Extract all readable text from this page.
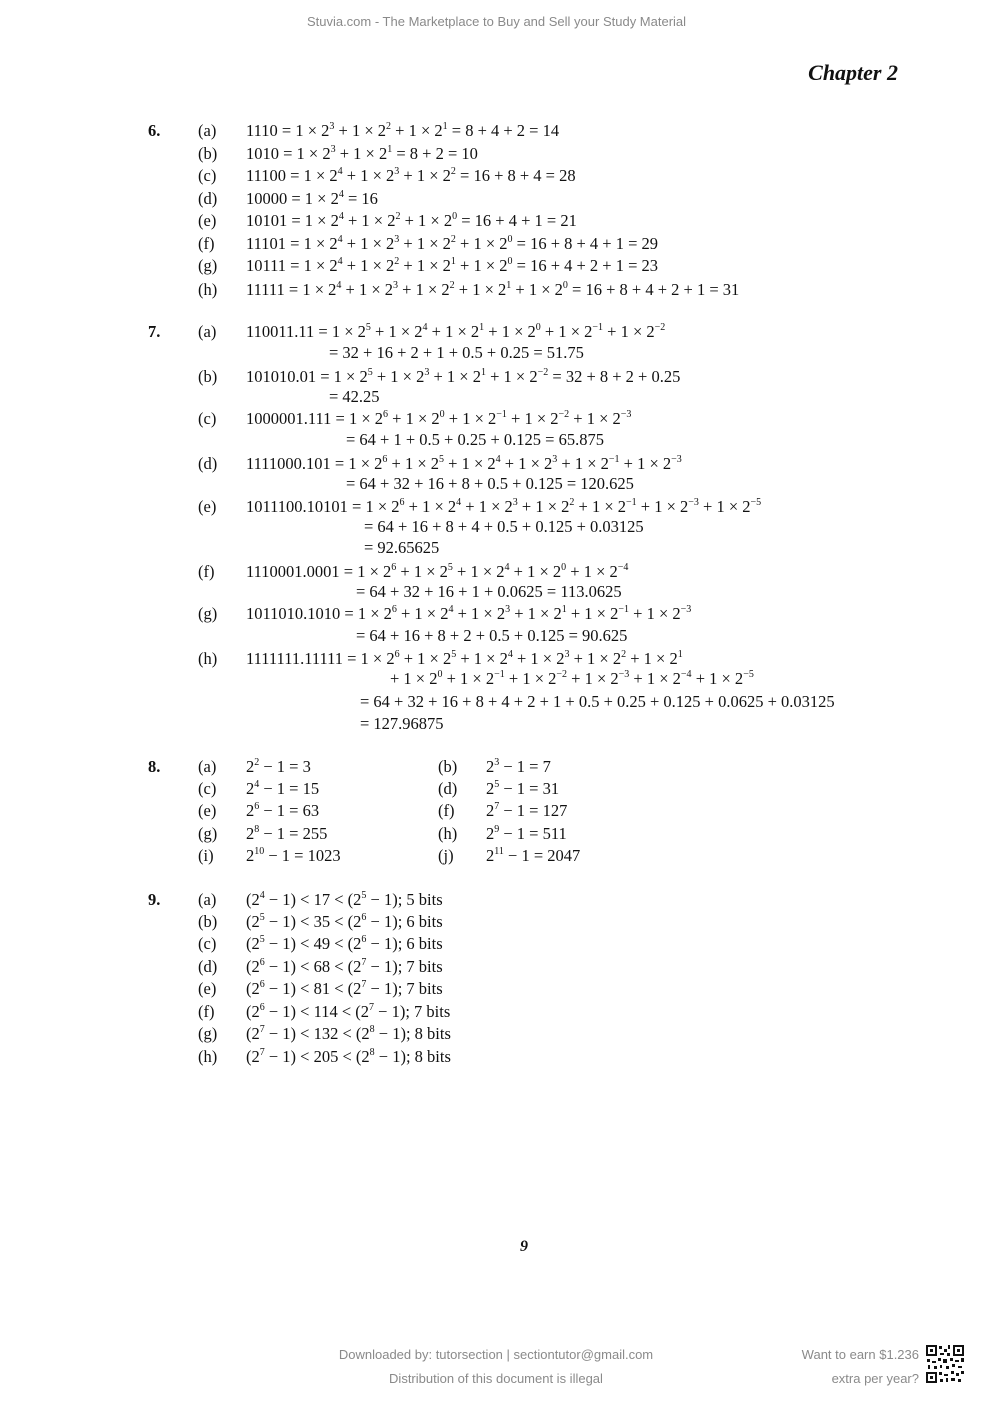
Stuvia.com - The Marketplace to Buy and Sell your Study Material
Chapter 2
6. (a) $1110 = 1 \times 2^3 + 1 \times 2^2 + 1 \times 2^1 = 8 + 4 + 2 = 14$
(b) $1010 = 1 \times 2^3 + 1 \times 2^1 = 8 + 2 = 10$
(c) $11100 = 1 \times 2^4 + 1 \times 2^3 + 1 \times 2^2 = 16 + 8 + 4 = 28$
(d) $10000 = 1 \times 2^4 = 16$
(e) $10101 = 1 \times 2^4 + 1 \times 2^2 + 1 \times 2^0 = 16 + 4 + 1 = 21$
(f) $11101 = 1 \times 2^4 + 1 \times 2^3 + 1 \times 2^2 + 1 \times 2^0 = 16 + 8 + 4 + 1 = 29$
(g) $10111 = 1 \times 2^4 + 1 \times 2^2 + 1 \times 2^1 + 1 \times 2^0 = 16 + 4 + 2 + 1 = 23$
(h) $11111 = 1 \times 2^4 + 1 \times 2^3 + 1 \times 2^2 + 1 \times 2^1 + 1 \times 2^0 = 16 + 8 + 4 + 2 + 1 = 31$
7. (a) $110011.11 = 1 \times 2^5 + 1 \times 2^4 + 1 \times 2^1 + 1 \times 2^0 + 1 \times 2^{-1} + 1 \times 2^{-2}$
= 32 + 16 + 2 + 1 + 0.5 + 0.25 = 51.75
(b) $101010.01 = 1 \times 2^5 + 1 \times 2^3 + 1 \times 2^1 + 1 \times 2^{-2} = 32 + 8 + 2 + 0.25$
= 42.25
(c) $1000001.111 = 1 \times 2^6 + 1 \times 2^0 + 1 \times 2^{-1} + 1 \times 2^{-2} + 1 \times 2^{-3}$
= 64 + 1 + 0.5 + 0.25 + 0.125 = 65.875
(d) $1111000.101 = 1 \times 2^6 + 1 \times 2^5 + 1 \times 2^4 + 1 \times 2^3 + 1 \times 2^{-1} + 1 \times 2^{-3}$
= 64 + 32 + 16 + 8 + 0.5 + 0.125 = 120.625
(e) $1011100.10101 = 1 \times 2^6 + 1 \times 2^4 + 1 \times 2^3 + 1 \times 2^2 + 1 \times 2^{-1} + 1 \times 2^{-3} + 1 \times 2^{-5}$
= 64 + 16 + 8 + 4 + 0.5 + 0.125 + 0.03125
= 92.65625
(f) $1110001.0001 = 1 \times 2^6 + 1 \times 2^5 + 1 \times 2^4 + 1 \times 2^0 + 1 \times 2^{-4}$
= 64 + 32 + 16 + 1 + 0.0625 = 113.0625
(g) $1011010.1010 = 1 \times 2^6 + 1 \times 2^4 + 1 \times 2^3 + 1 \times 2^1 + 1 \times 2^{-1} + 1 \times 2^{-3}$
= 64 + 16 + 8 + 2 + 0.5 + 0.125 = 90.625
(h) $1111111.11111 = 1 \times 2^6 + 1 \times 2^5 + 1 \times 2^4 + 1 \times 2^3 + 1 \times 2^2 + 1 \times 2^1$
+ $1 \times 2^0 + 1 \times 2^{-1} + 1 \times 2^{-2} + 1 \times 2^{-3} + 1 \times 2^{-4} + 1 \times 2^{-5}$
= 64 + 32 + 16 + 8 + 4 + 2 + 1 + 0.5 + 0.25 + 0.125 + 0.0625 + 0.03125
= 127.96875
8. (a) $2^2 - 1 = 3$	(b) $2^3 - 1 = 7$
(c) $2^4 - 1 = 15$	(d) $2^5 - 1 = 31$
(e) $2^6 - 1 = 63$	(f) $2^7 - 1 = 127$
(g) $2^8 - 1 = 255$	(h) $2^9 - 1 = 511$
(i) $2^{10} - 1 = 1023$	(j) $2^{11} - 1 = 2047$
9. (a) $(2^4 - 1) < 17 < (2^5 - 1)$; 5 bits
(b) $(2^5 - 1) < 35 < (2^6 - 1)$; 6 bits
(c) $(2^5 - 1) < 49 < (2^6 - 1)$; 6 bits
(d) $(2^6 - 1) < 68 < (2^7 - 1)$; 7 bits
(e) $(2^6 - 1) < 81 < (2^7 - 1)$; 7 bits
(f) $(2^6 - 1) < 114 < (2^7 - 1)$; 7 bits
(g) $(2^7 - 1) < 132 < (2^8 - 1)$; 8 bits
(h) $(2^7 - 1) < 205 < (2^8 - 1)$; 8 bits
9
Downloaded by: tutorsection | sectiontutor@gmail.com
Distribution of this document is illegal
Want to earn $1.236
extra per year?
